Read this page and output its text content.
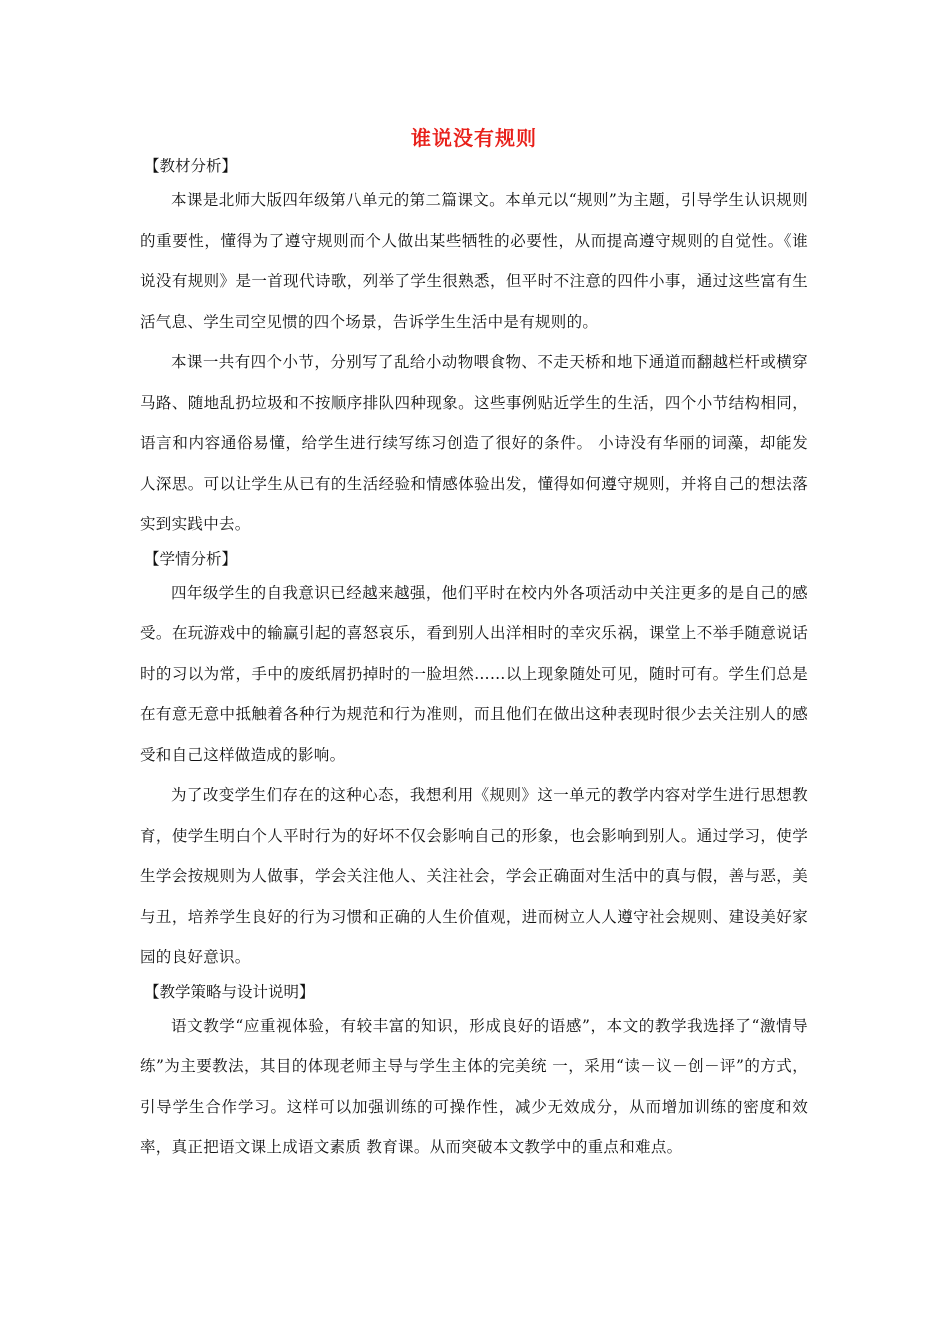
谁说没有规则

【教材分析】

本课是北师大版四年级第八单元的第二篇课文。本单元以“规则”为主题，引导学生认识规则的重要性，懂得为了遵守规则而个人做出某些牺牲的必要性，从而提高遵守规则的自觉性。《谁说没有规则》是一首现代诗歌，列举了学生很熟悉，但平时不注意的四件小事，通过这些富有生活气息、学生司空见惯的四个场景，告诉学生生活中是有规则的。

本课一共有四个小节，分别写了乱给小动物喂食物、不走天桥和地下通道而翻越栏杆或横穿马路、随地乱扔垃圾和不按顺序排队四种现象。这些事例贴近学生的生活，四个小节结构相同，语言和内容通俗易懂，给学生进行续写练习创造了很好的条件。 小诗没有华丽的词藻，却能发人深思。可以让学生从已有的生活经验和情感体验出发，懂得如何遵守规则，并将自己的想法落实到实践中去。

【学情分析】

四年级学生的自我意识已经越来越强，他们平时在校内外各项活动中关注更多的是自己的感受。在玩游戏中的输赢引起的喜怒哀乐，看到别人出洋相时的幸灾乐祸，课堂上不举手随意说话时的习以为常，手中的废纸屑扔掉时的一脸坦然……以上现象随处可见，随时可有。学生们总是在有意无意中抵触着各种行为规范和行为准则，而且他们在做出这种表现时很少去关注别人的感受和自己这样做造成的影响。

为了改变学生们存在的这种心态，我想利用《规则》这一单元的教学内容对学生进行思想教育，使学生明白个人平时行为的好坏不仅会影响自己的形象，也会影响到别人。通过学习，使学生学会按规则为人做事，学会关注他人、关注社会，学会正确面对生活中的真与假，善与恶，美与丑，培养学生良好的行为习惯和正确的人生价值观，进而树立人人遵守社会规则、建设美好家园的良好意识。

【教学策略与设计说明】

语文教学“应重视体验，有较丰富的知识，形成良好的语感”，本文的教学我选择了“激情导练”为主要教法，其目的体现老师主导与学生主体的完美统 一，采用“读－议－创－评”的方式，引导学生合作学习。这样可以加强训练的可操作性，减少无效成分，从而增加训练的密度和效率，真正把语文课上成语文素质 教育课。从而突破本文教学中的重点和难点。
